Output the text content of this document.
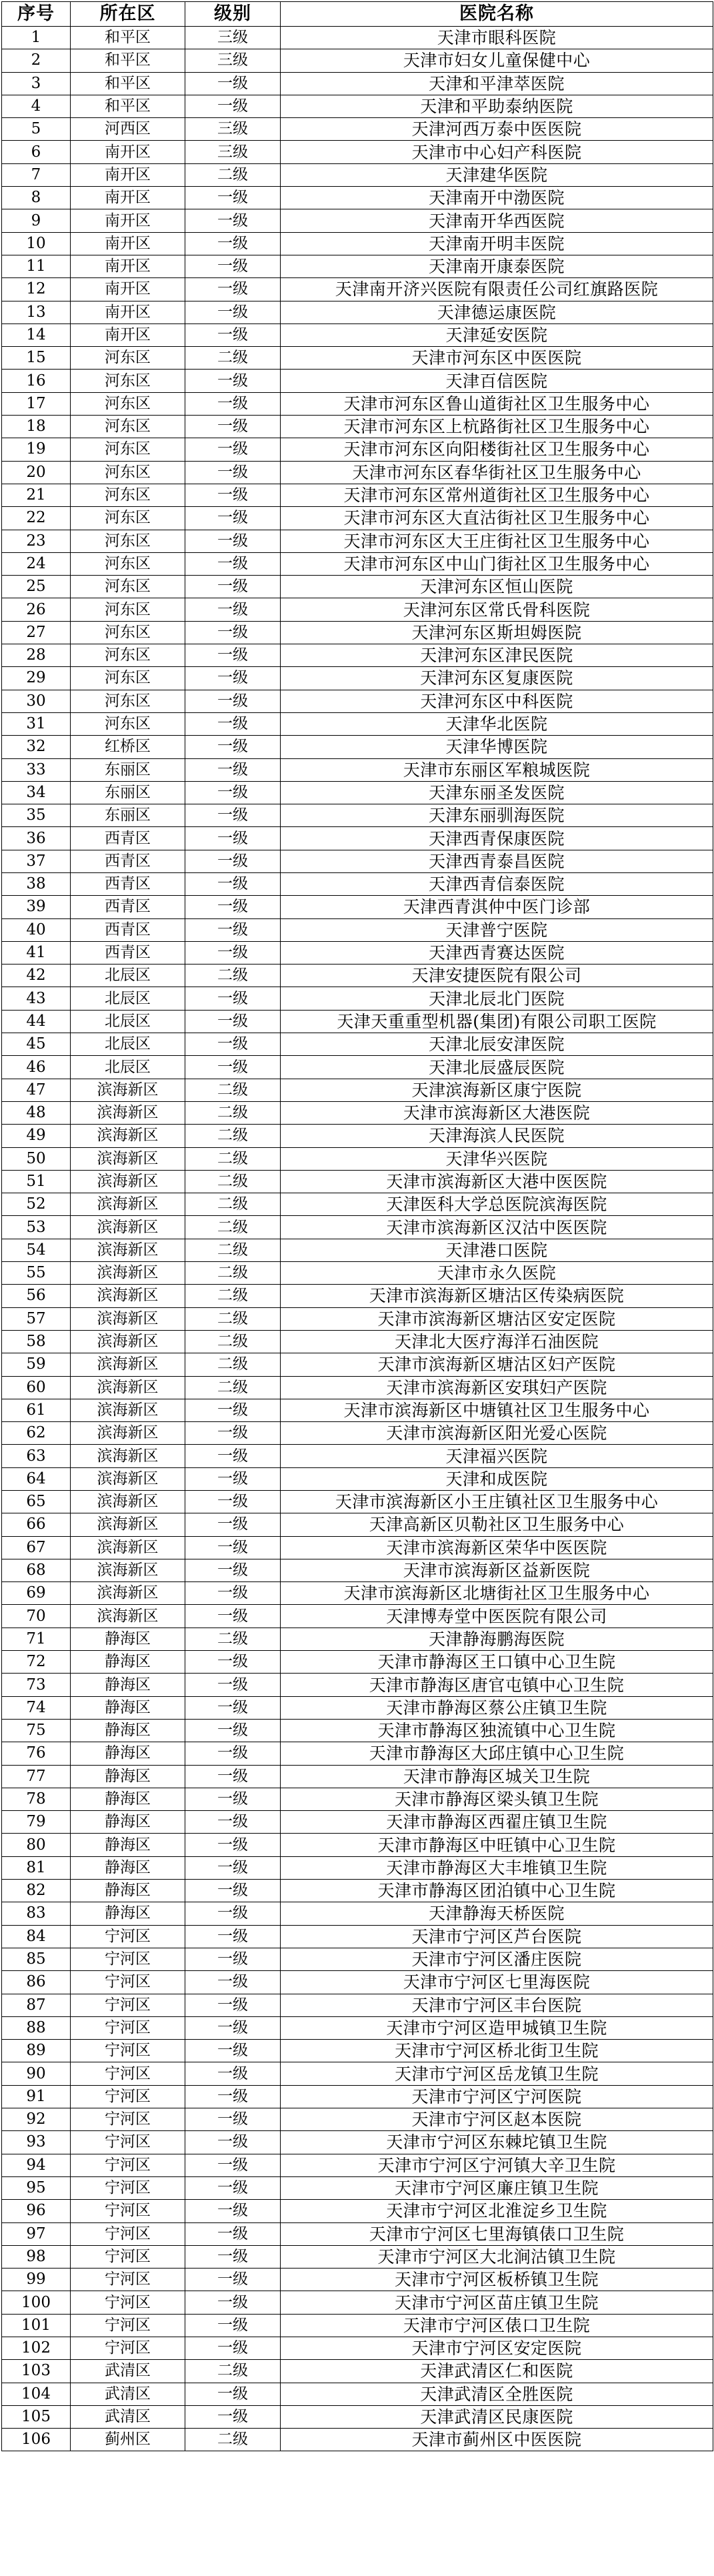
序号	所在区	级别	医院名称
1	和平区	三级	天津市眼科医院
2	和平区	三级	天津市妇女儿童保健中心
3	和平区	一级	天津和平津萃医院
4	和平区	一级	天津和平助泰纳医院
5	河西区	三级	天津河西万泰中医医院
6	南开区	三级	天津市中心妇产科医院
7	南开区	二级	天津建华医院
8	南开区	一级	天津南开中渤医院
9	南开区	一级	天津南开华西医院
10	南开区	一级	天津南开明丰医院
11	南开区	一级	天津南开康泰医院
12	南开区	一级	天津南开济兴医院有限责任公司红旗路医院
13	南开区	一级	天津德运康医院
14	南开区	一级	天津延安医院
15	河东区	二级	天津市河东区中医医院
16	河东区	一级	天津百信医院
17	河东区	一级	天津市河东区鲁山道街社区卫生服务中心
18	河东区	一级	天津市河东区上杭路街社区卫生服务中心
19	河东区	一级	天津市河东区向阳楼街社区卫生服务中心
20	河东区	一级	天津市河东区春华街社区卫生服务中心
21	河东区	一级	天津市河东区常州道街社区卫生服务中心
22	河东区	一级	天津市河东区大直沽街社区卫生服务中心
23	河东区	一级	天津市河东区大王庄街社区卫生服务中心
24	河东区	一级	天津市河东区中山门街社区卫生服务中心
25	河东区	一级	天津河东区恒山医院
26	河东区	一级	天津河东区常氏骨科医院
27	河东区	一级	天津河东区斯坦姆医院
28	河东区	一级	天津河东区津民医院
29	河东区	一级	天津河东区复康医院
30	河东区	一级	天津河东区中科医院
31	河东区	一级	天津华北医院
32	红桥区	一级	天津华博医院
33	东丽区	一级	天津市东丽区军粮城医院
34	东丽区	一级	天津东丽圣发医院
35	东丽区	一级	天津东丽驯海医院
36	西青区	一级	天津西青保康医院
37	西青区	一级	天津西青泰昌医院
38	西青区	一级	天津西青信泰医院
39	西青区	一级	天津西青淇仲中医门诊部
40	西青区	一级	天津普宁医院
41	西青区	一级	天津西青赛达医院
42	北辰区	二级	天津安捷医院有限公司
43	北辰区	一级	天津北辰北门医院
44	北辰区	一级	天津天重重型机器(集团)有限公司职工医院
45	北辰区	一级	天津北辰安津医院
46	北辰区	一级	天津北辰盛辰医院
47	滨海新区	二级	天津滨海新区康宁医院
48	滨海新区	二级	天津市滨海新区大港医院
49	滨海新区	二级	天津海滨人民医院
50	滨海新区	二级	天津华兴医院
51	滨海新区	二级	天津市滨海新区大港中医医院
52	滨海新区	二级	天津医科大学总医院滨海医院
53	滨海新区	二级	天津市滨海新区汉沽中医医院
54	滨海新区	二级	天津港口医院
55	滨海新区	二级	天津市永久医院
56	滨海新区	二级	天津市滨海新区塘沽区传染病医院
57	滨海新区	二级	天津市滨海新区塘沽区安定医院
58	滨海新区	二级	天津北大医疗海洋石油医院
59	滨海新区	二级	天津市滨海新区塘沽区妇产医院
60	滨海新区	二级	天津市滨海新区安琪妇产医院
61	滨海新区	一级	天津市滨海新区中塘镇社区卫生服务中心
62	滨海新区	一级	天津市滨海新区阳光爱心医院
63	滨海新区	一级	天津福兴医院
64	滨海新区	一级	天津和成医院
65	滨海新区	一级	天津市滨海新区小王庄镇社区卫生服务中心
66	滨海新区	一级	天津高新区贝勒社区卫生服务中心
67	滨海新区	一级	天津市滨海新区荣华中医医院
68	滨海新区	一级	天津市滨海新区益新医院
69	滨海新区	一级	天津市滨海新区北塘街社区卫生服务中心
70	滨海新区	一级	天津博寿堂中医医院有限公司
71	静海区	二级	天津静海鹏海医院
72	静海区	一级	天津市静海区王口镇中心卫生院
73	静海区	一级	天津市静海区唐官屯镇中心卫生院
74	静海区	一级	天津市静海区蔡公庄镇卫生院
75	静海区	一级	天津市静海区独流镇中心卫生院
76	静海区	一级	天津市静海区大邱庄镇中心卫生院
77	静海区	一级	天津市静海区城关卫生院
78	静海区	一级	天津市静海区梁头镇卫生院
79	静海区	一级	天津市静海区西翟庄镇卫生院
80	静海区	一级	天津市静海区中旺镇中心卫生院
81	静海区	一级	天津市静海区大丰堆镇卫生院
82	静海区	一级	天津市静海区团泊镇中心卫生院
83	静海区	一级	天津静海天桥医院
84	宁河区	一级	天津市宁河区芦台医院
85	宁河区	一级	天津市宁河区潘庄医院
86	宁河区	一级	天津市宁河区七里海医院
87	宁河区	一级	天津市宁河区丰台医院
88	宁河区	一级	天津市宁河区造甲城镇卫生院
89	宁河区	一级	天津市宁河区桥北街卫生院
90	宁河区	一级	天津市宁河区岳龙镇卫生院
91	宁河区	一级	天津市宁河区宁河医院
92	宁河区	一级	天津市宁河区赵本医院
93	宁河区	一级	天津市宁河区东棘坨镇卫生院
94	宁河区	一级	天津市宁河区宁河镇大辛卫生院
95	宁河区	一级	天津市宁河区廉庄镇卫生院
96	宁河区	一级	天津市宁河区北淮淀乡卫生院
97	宁河区	一级	天津市宁河区七里海镇俵口卫生院
98	宁河区	一级	天津市宁河区大北涧沽镇卫生院
99	宁河区	一级	天津市宁河区板桥镇卫生院
100	宁河区	一级	天津市宁河区苗庄镇卫生院
101	宁河区	一级	天津市宁河区俵口卫生院
102	宁河区	一级	天津市宁河区安定医院
103	武清区	二级	天津武清区仁和医院
104	武清区	一级	天津武清区全胜医院
105	武清区	一级	天津武清区民康医院
106	蓟州区	二级	天津市蓟州区中医医院
